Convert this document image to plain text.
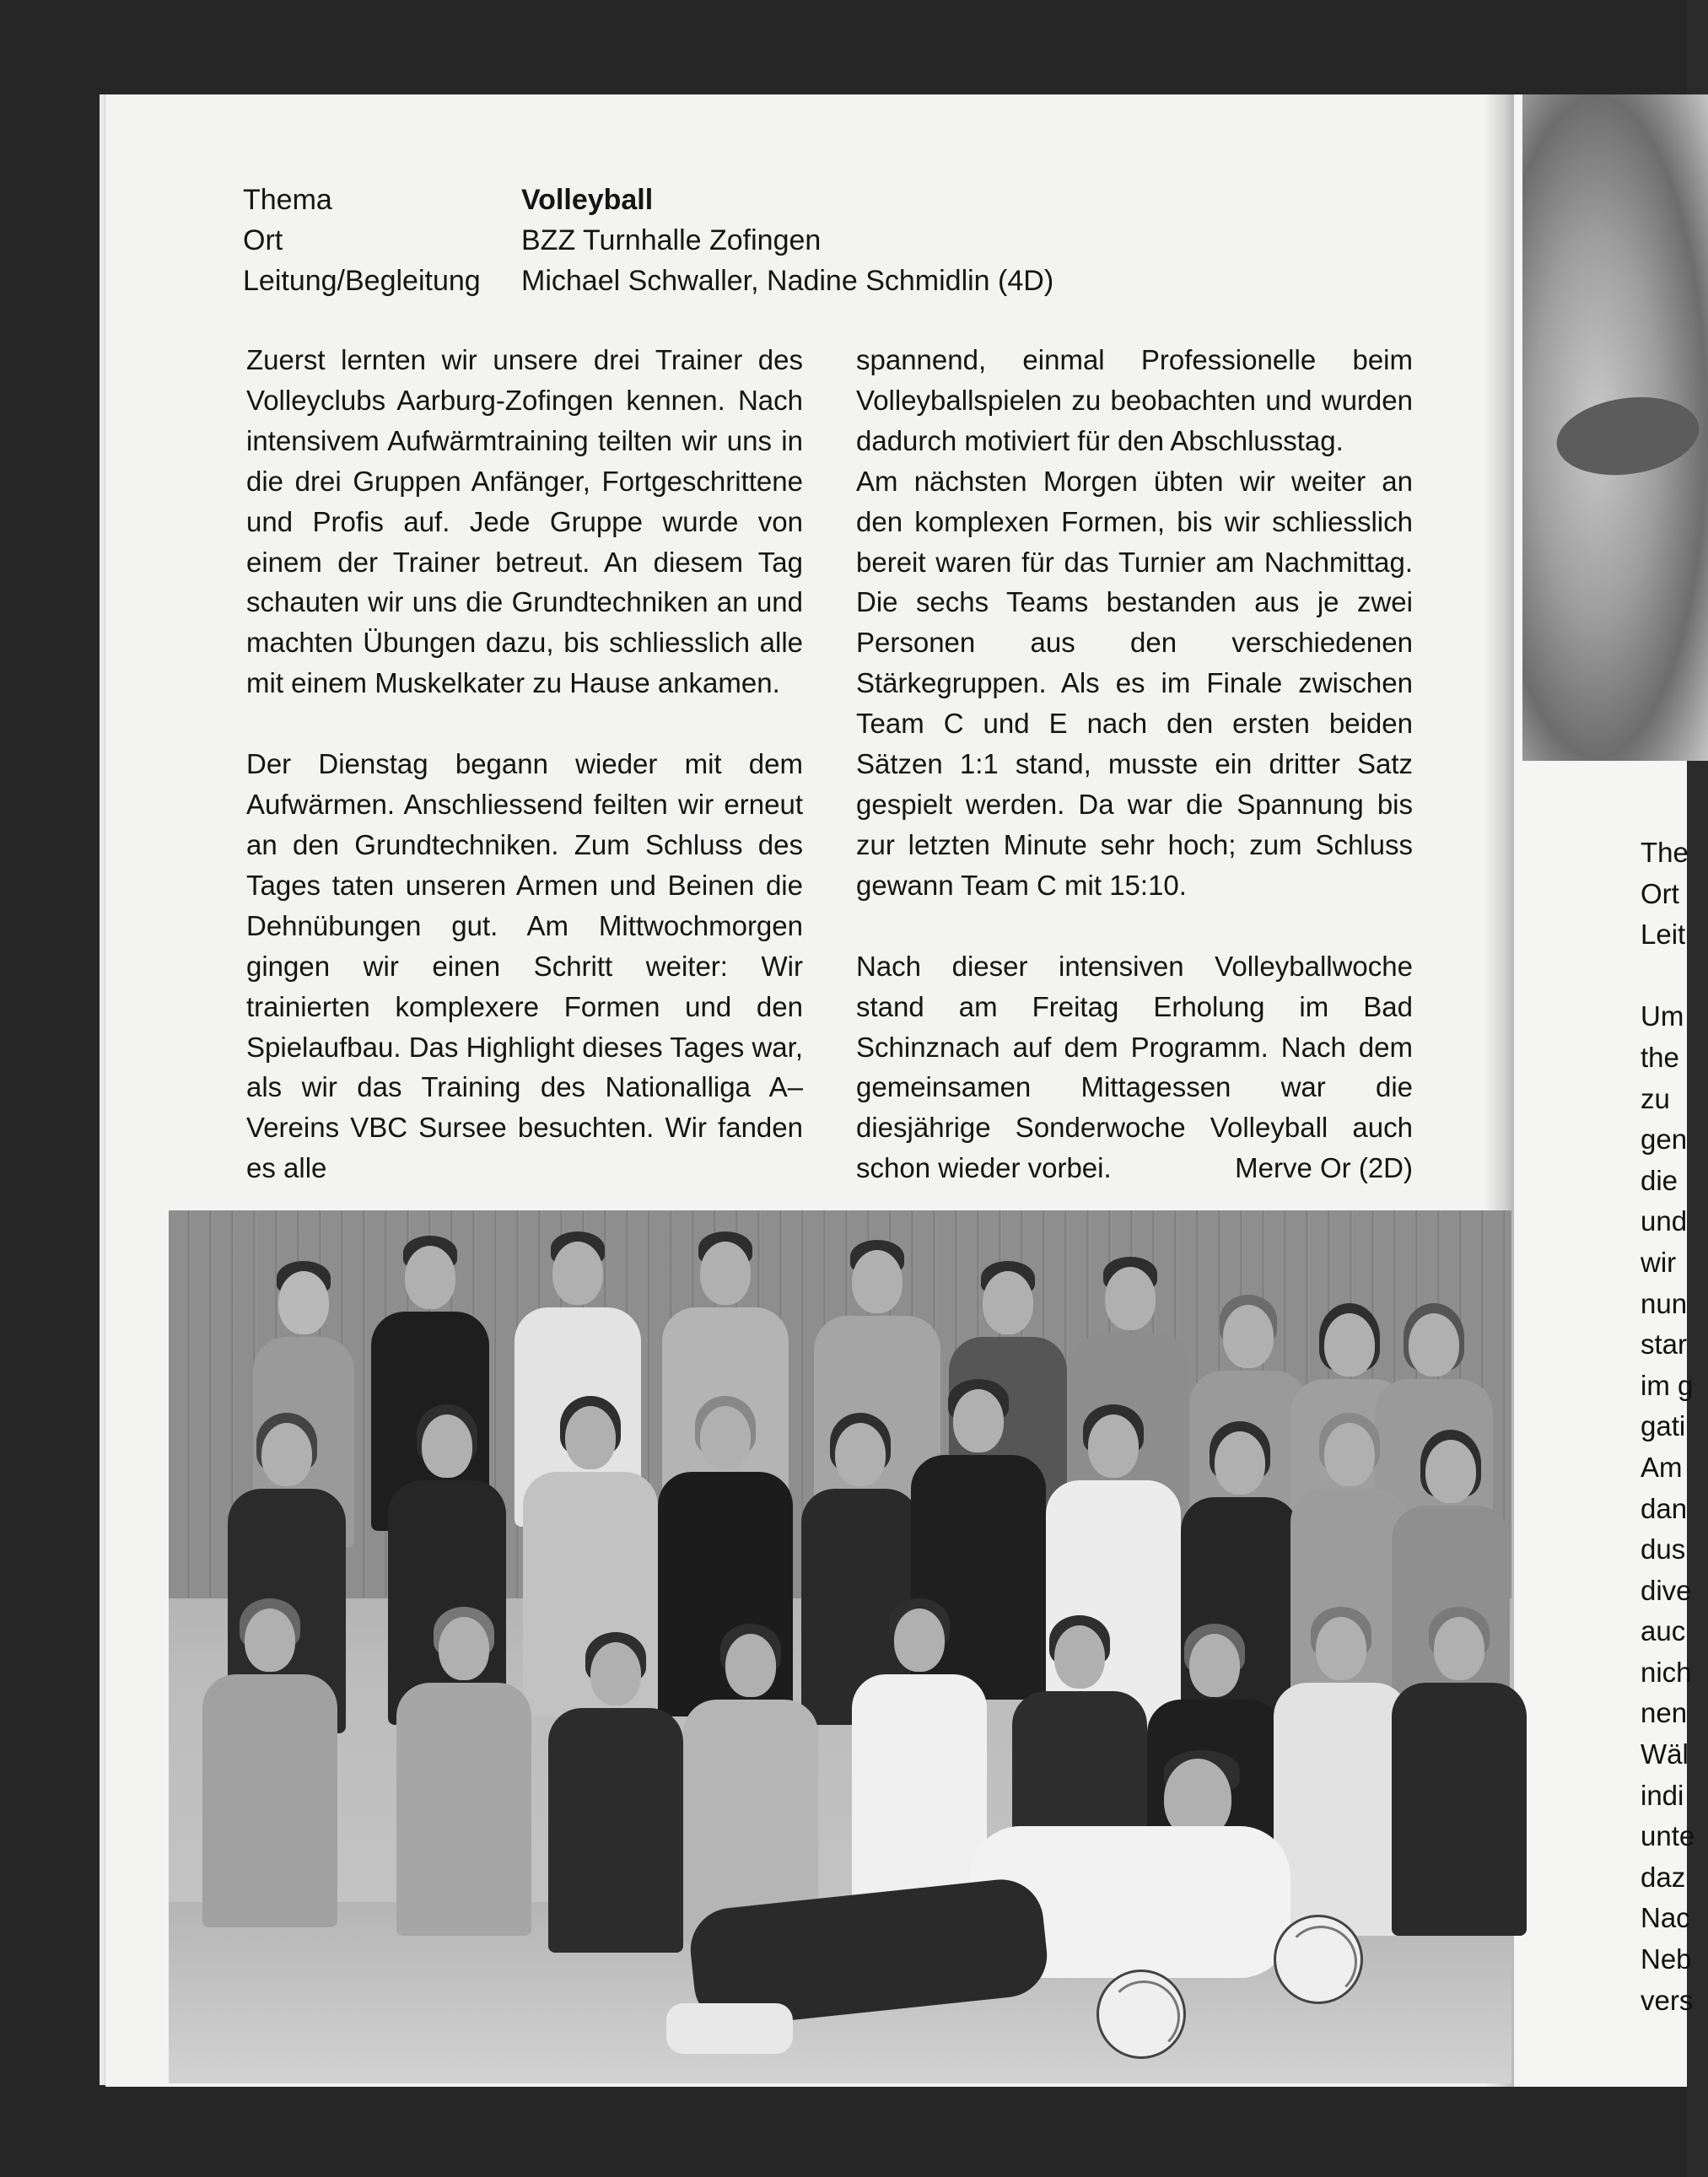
The
Ort
Leit

Um
the
zu
gen
die
und
wir
nun
star
im g
gati
Am
dan
dus
dive
auc
nich
nen
Wäl
indi
unte
daz
Nac
Neb
vers
Thema	Volleyball
Ort	BZZ Turnhalle Zofingen
Leitung/Begleitung Michael Schwaller, Nadine Schmidlin (4D)

Zuerst lernten wir unsere drei Trainer des Volleyclubs Aarburg-Zofingen kennen. Nach intensivem Aufwärmtraining teilten wir uns in die drei Gruppen Anfänger, Fortgeschrittene und Profis auf. Jede Gruppe wurde von einem der Trainer betreut. An diesem Tag schauten wir uns die Grundtechniken an und machten Übungen dazu, bis schliesslich alle mit einem Muskelkater zu Hause ankamen.

Der Dienstag begann wieder mit dem Aufwärmen. Anschliessend feilten wir erneut an den Grundtechniken. Zum Schluss des Tages taten unseren Armen und Beinen die Dehnübungen gut. Am Mittwochmorgen gingen wir einen Schritt weiter: Wir trainierten komplexere Formen und den Spielaufbau. Das Highlight dieses Tages war, als wir das Training des Nationalliga A–Vereins VBC Sursee besuchten. Wir fanden es alle

spannend, einmal Professionelle beim Volleyballspielen zu beobachten und wurden dadurch motiviert für den Abschlusstag.

Am nächsten Morgen übten wir weiter an den komplexen Formen, bis wir schliesslich bereit waren für das Turnier am Nachmittag. Die sechs Teams bestanden aus je zwei Personen aus den verschiedenen Stärkegruppen. Als es im Finale zwischen Team C und E nach den ersten beiden Sätzen 1:1 stand, musste ein dritter Satz gespielt werden. Da war die Spannung bis zur letzten Minute sehr hoch; zum Schluss gewann Team C mit 15:10.

Nach dieser intensiven Volleyballwoche stand am Freitag Erholung im Bad Schinznach auf dem Programm. Nach dem gemeinsamen Mittagessen war die diesjährige Sonderwoche Volleyball auch schon wieder vorbei.	Merve Or (2D)
